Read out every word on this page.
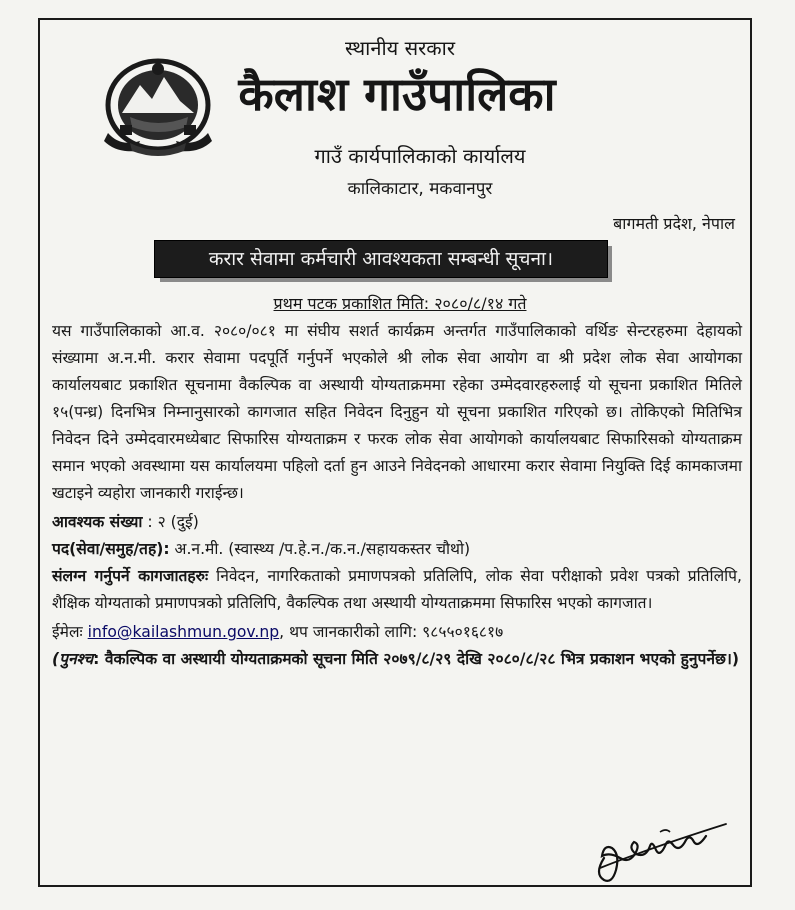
स्थानीय सरकार
कैलाश गाउँपालिका
गाउँ कार्यपालिकाको कार्यालय
कालिकाटार, मकवानपुर
बागमती प्रदेश, नेपाल
करार सेवामा कर्मचारी आवश्यकता सम्बन्धी सूचना।
प्रथम पटक प्रकाशित मिति: २०८०/८/१४ गते

यस गाउँपालिकाको आ.व. २०८०/०८१ मा संघीय सशर्त कार्यक्रम अन्तर्गत गाउँपालिकाको वर्थिङ सेन्टरहरुमा देहायको संख्यामा अ.न.मी. करार सेवामा पदपूर्ति गर्नुपर्ने भएकोले श्री लोक सेवा आयोग वा श्री प्रदेश लोक सेवा आयोगका कार्यालयबाट प्रकाशित सूचनामा वैकल्पिक वा अस्थायी योग्यताक्रममा रहेका उम्मेदवारहरुलाई यो सूचना प्रकाशित मितिले १५(पन्ध्र) दिनभित्र निम्नानुसारको कागजात सहित निवेदन दिनुहुन यो सूचना प्रकाशित गरिएको छ। तोकिएको मितिभित्र निवेदन दिने उम्मेदवारमध्येबाट सिफारिस योग्यताक्रम र फरक लोक सेवा आयोगको कार्यालयबाट सिफारिसको योग्यताक्रम समान भएको अवस्थामा यस कार्यालयमा पहिलो दर्ता हुन आउने निवेदनको आधारमा करार सेवामा नियुक्ति दिई कामकाजमा खटाइने व्यहोरा जानकारी गराईन्छ।

आवश्यक संख्या : २ (दुई)
पद(सेवा/समुह/तह): अ.न.मी. (स्वास्थ्य /प.हे.न./क.न./सहायकस्तर चौथो)
संलग्न गर्नुपर्ने कागजातहरुः निवेदन, नागरिकताको प्रमाणपत्रको प्रतिलिपि, लोक सेवा परीक्षाको प्रवेश पत्रको प्रतिलिपि, शैक्षिक योग्यताको प्रमाणपत्रको प्रतिलिपि, वैकल्पिक तथा अस्थायी योग्यताक्रममा सिफारिस भएको कागजात।
ईमेलः info@kailashmun.gov.np, थप जानकारीको लागि: ९८५५०१६८१७
(पुनश्च: वैकल्पिक वा अस्थायी योग्यताक्रमको सूचना मिति २०७९/८/२९ देखि २०८०/८/२८ भित्र प्रकाशन भएको हुनुपर्नेछ।)
